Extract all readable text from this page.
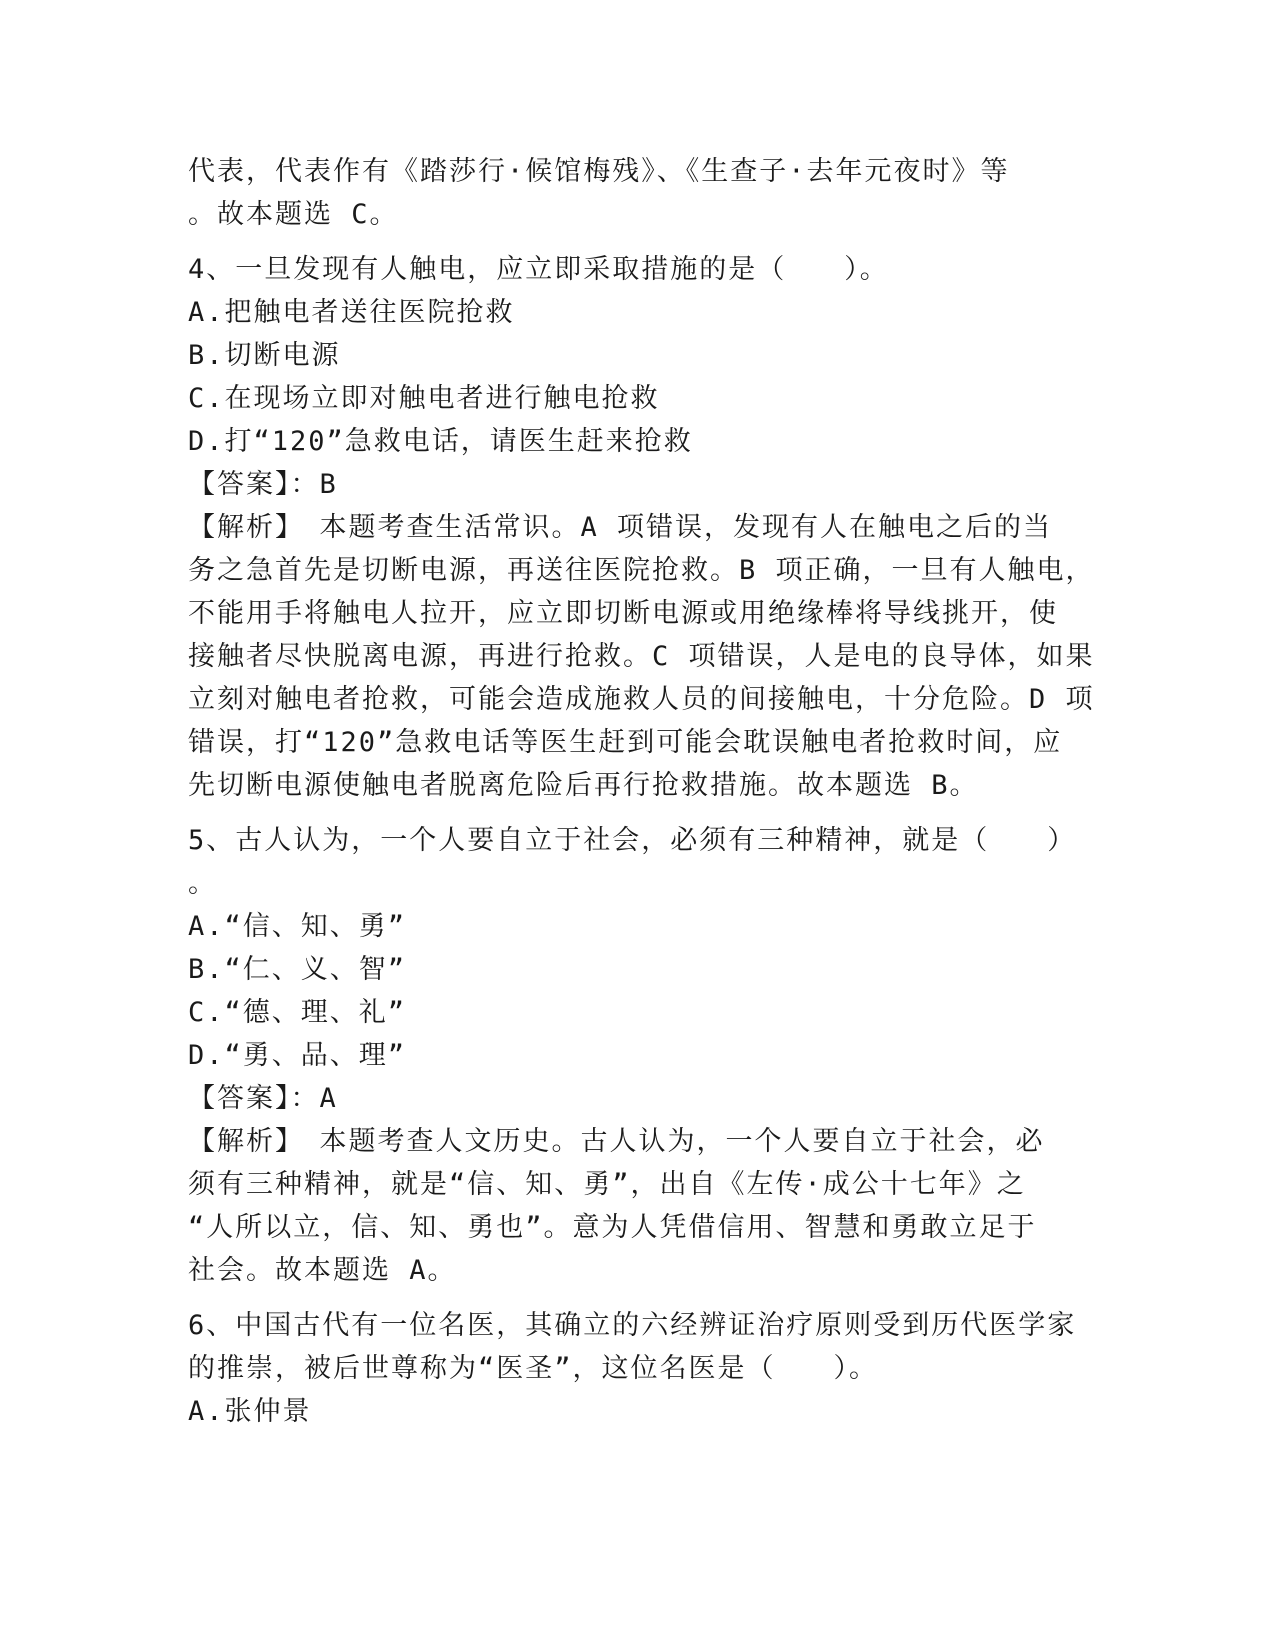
代表，代表作有《踏莎行·候馆梅残》、《生查子·去年元夜时》等
。故本题选 C。
4、一旦发现有人触电，应立即采取措施的是（　　）。
A.把触电者送往医院抢救
B.切断电源
C.在现场立即对触电者进行触电抢救
D.打“120”急救电话，请医生赶来抢救
【答案】：B
【解析】　本题考查生活常识。A 项错误，发现有人在触电之后的当
务之急首先是切断电源，再送往医院抢救。B 项正确，一旦有人触电，
不能用手将触电人拉开，应立即切断电源或用绝缘棒将导线挑开，使
接触者尽快脱离电源，再进行抢救。C 项错误，人是电的良导体，如果
立刻对触电者抢救，可能会造成施救人员的间接触电，十分危险。D 项
错误，打“120”急救电话等医生赶到可能会耽误触电者抢救时间，应
先切断电源使触电者脱离危险后再行抢救措施。故本题选 B。
5、古人认为，一个人要自立于社会，必须有三种精神，就是（　　）
。
A.“信、知、勇”
B.“仁、义、智”
C.“德、理、礼”
D.“勇、品、理”
【答案】：A
【解析】　本题考查人文历史。古人认为，一个人要自立于社会，必
须有三种精神，就是“信、知、勇”，出自《左传·成公十七年》之
“人所以立，信、知、勇也”。意为人凭借信用、智慧和勇敢立足于
社会。故本题选 A。
6、中国古代有一位名医，其确立的六经辨证治疗原则受到历代医学家
的推崇，被后世尊称为“医圣”，这位名医是（　　）。
A.张仲景
